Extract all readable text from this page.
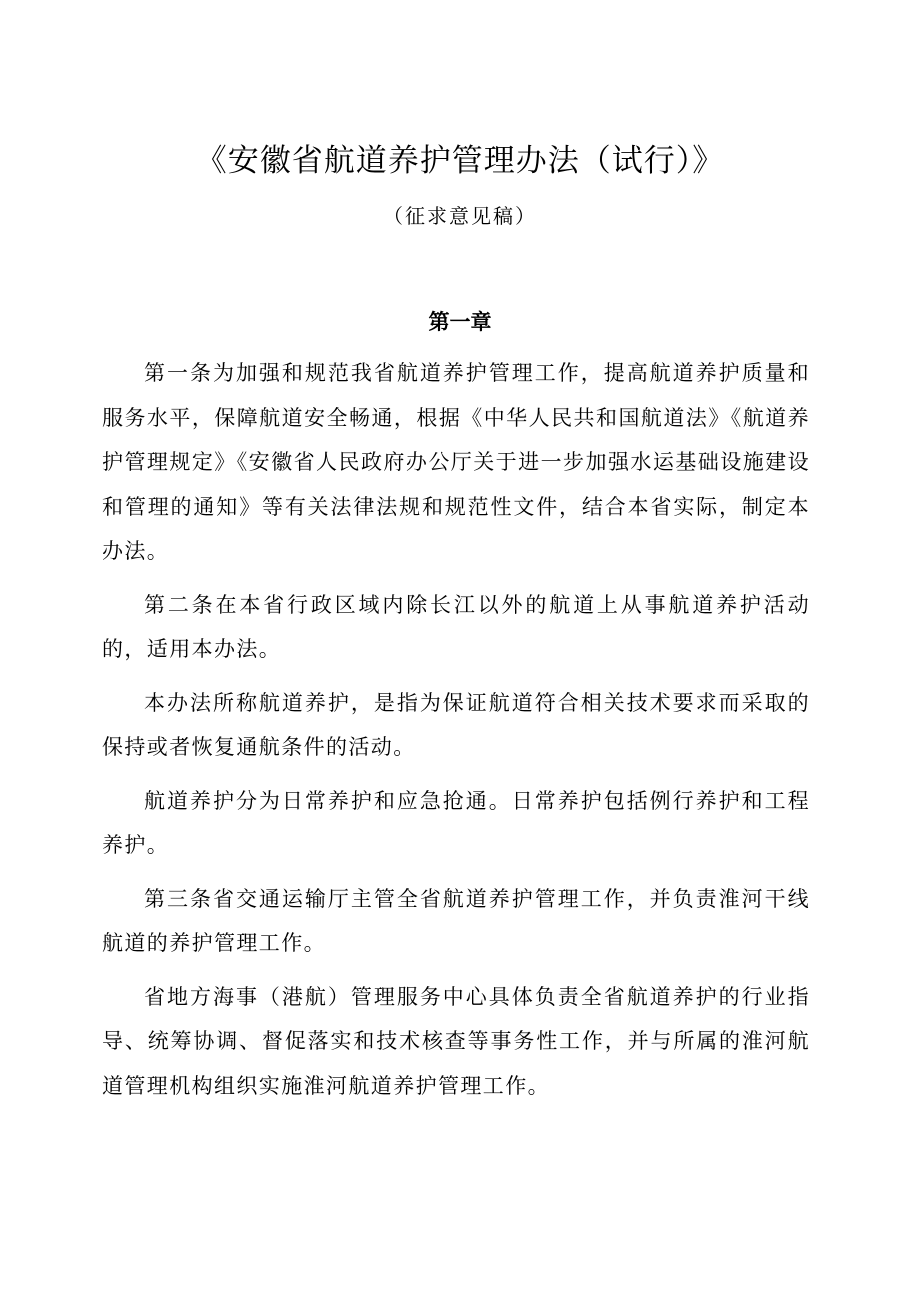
《安徽省航道养护管理办法（试行）》
（征求意见稿）
第一章

第一条为加强和规范我省航道养护管理工作，提高航道养护质量和服务水平，保障航道安全畅通，根据《中华人民共和国航道法》《航道养护管理规定》《安徽省人民政府办公厅关于进一步加强水运基础设施建设和管理的通知》等有关法律法规和规范性文件，结合本省实际，制定本办法。

第二条在本省行政区域内除长江以外的航道上从事航道养护活动的，适用本办法。

本办法所称航道养护，是指为保证航道符合相关技术要求而采取的保持或者恢复通航条件的活动。

航道养护分为日常养护和应急抢通。日常养护包括例行养护和工程养护。

第三条省交通运输厅主管全省航道养护管理工作，并负责淮河干线航道的养护管理工作。

省地方海事（港航）管理服务中心具体负责全省航道养护的行业指导、统筹协调、督促落实和技术核查等事务性工作，并与所属的淮河航道管理机构组织实施淮河航道养护管理工作。
